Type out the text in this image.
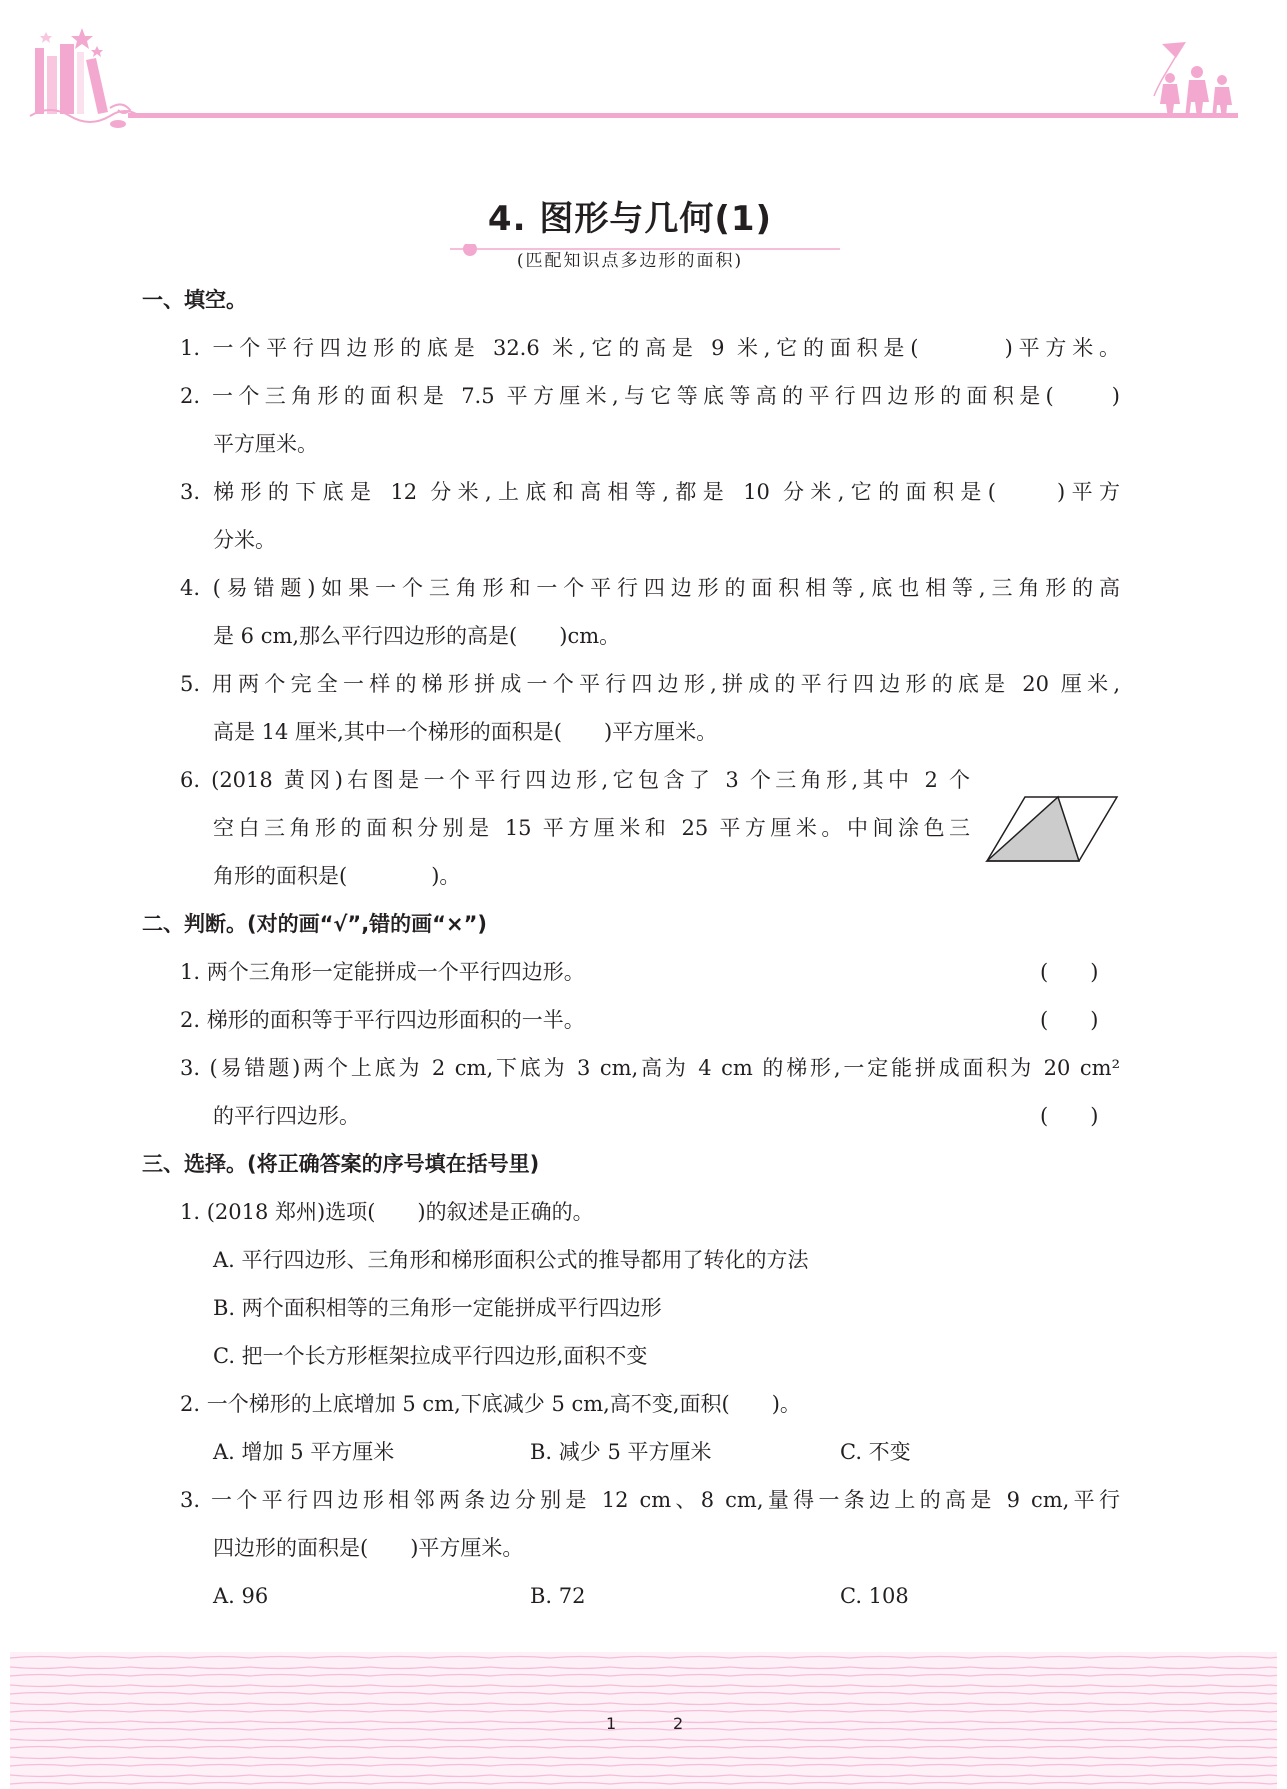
4. 图形与几何(1)
(匹配知识点多边形的面积)
一、填空。
1. 一个平行四边形的底是 32.6 米,它的高是 9 米,它的面积是(　　　)平方米。
2. 一个三角形的面积是 7.5 平方厘米,与它等底等高的平行四边形的面积是(　　)
平方厘米。
3. 梯形的下底是 12 分米,上底和高相等,都是 10 分米,它的面积是(　　)平方
分米。
4. (易错题)如果一个三角形和一个平行四边形的面积相等,底也相等,三角形的高
是 6 cm,那么平行四边形的高是(　　)cm。
5. 用两个完全一样的梯形拼成一个平行四边形,拼成的平行四边形的底是 20 厘米,
高是 14 厘米,其中一个梯形的面积是(　　)平方厘米。
6. (2018 黄冈)右图是一个平行四边形,它包含了 3 个三角形,其中 2 个
空白三角形的面积分别是 15 平方厘米和 25 平方厘米。中间涂色三
角形的面积是(　　　　)。
二、判断。(对的画“√”,错的画“×”)
1. 两个三角形一定能拼成一个平行四边形。	(　　)
2. 梯形的面积等于平行四边形面积的一半。	(　　)
3. (易错题)两个上底为 2 cm,下底为 3 cm,高为 4 cm 的梯形,一定能拼成面积为 20 cm²
的平行四边形。	(　　)
三、选择。(将正确答案的序号填在括号里)
1. (2018 郑州)选项(　　)的叙述是正确的。
A. 平行四边形、三角形和梯形面积公式的推导都用了转化的方法
B. 两个面积相等的三角形一定能拼成平行四边形
C. 把一个长方形框架拉成平行四边形,面积不变
2. 一个梯形的上底增加 5 cm,下底减少 5 cm,高不变,面积(　　)。
A. 增加 5 平方厘米	B. 减少 5 平方厘米	C. 不变
3. 一个平行四边形相邻两条边分别是 12 cm、8 cm,量得一条边上的高是 9 cm,平行
四边形的面积是(　　)平方厘米。
A. 96	B. 72	C. 108
1	2
